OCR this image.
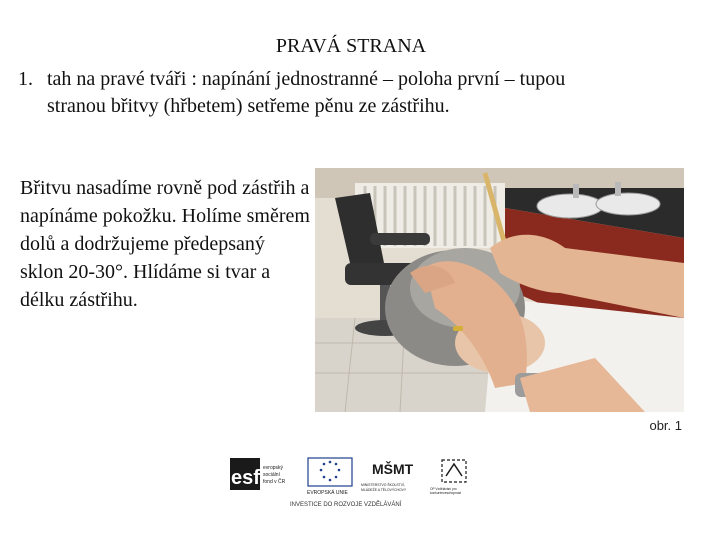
PRAVÁ STRANA
1. tah na pravé tváři : napínání jednostranné – poloha první – tupou stranou břitvy (hřbetem) setřeme pěnu ze zástřihu.
Břitvu nasadíme rovně pod zástřih a napínáme pokožku. Holíme směrem dolů a dodržujeme předepsaný sklon 20-30°. Hlídáme si tvar a délku zástřihu.
obr. 1
esf evropský
sociální
fond v ČR
EVROPSKÁ UNIE
MŠMT
MINISTERSTVO ŠKOLSTVÍ,
MLÁDEŽE A TĚLOVÝCHOVY	OP Vzdělávání pro
konkurenceschopnost
INVESTICE DO ROZVOJE VZDĚLÁVÁNÍ
